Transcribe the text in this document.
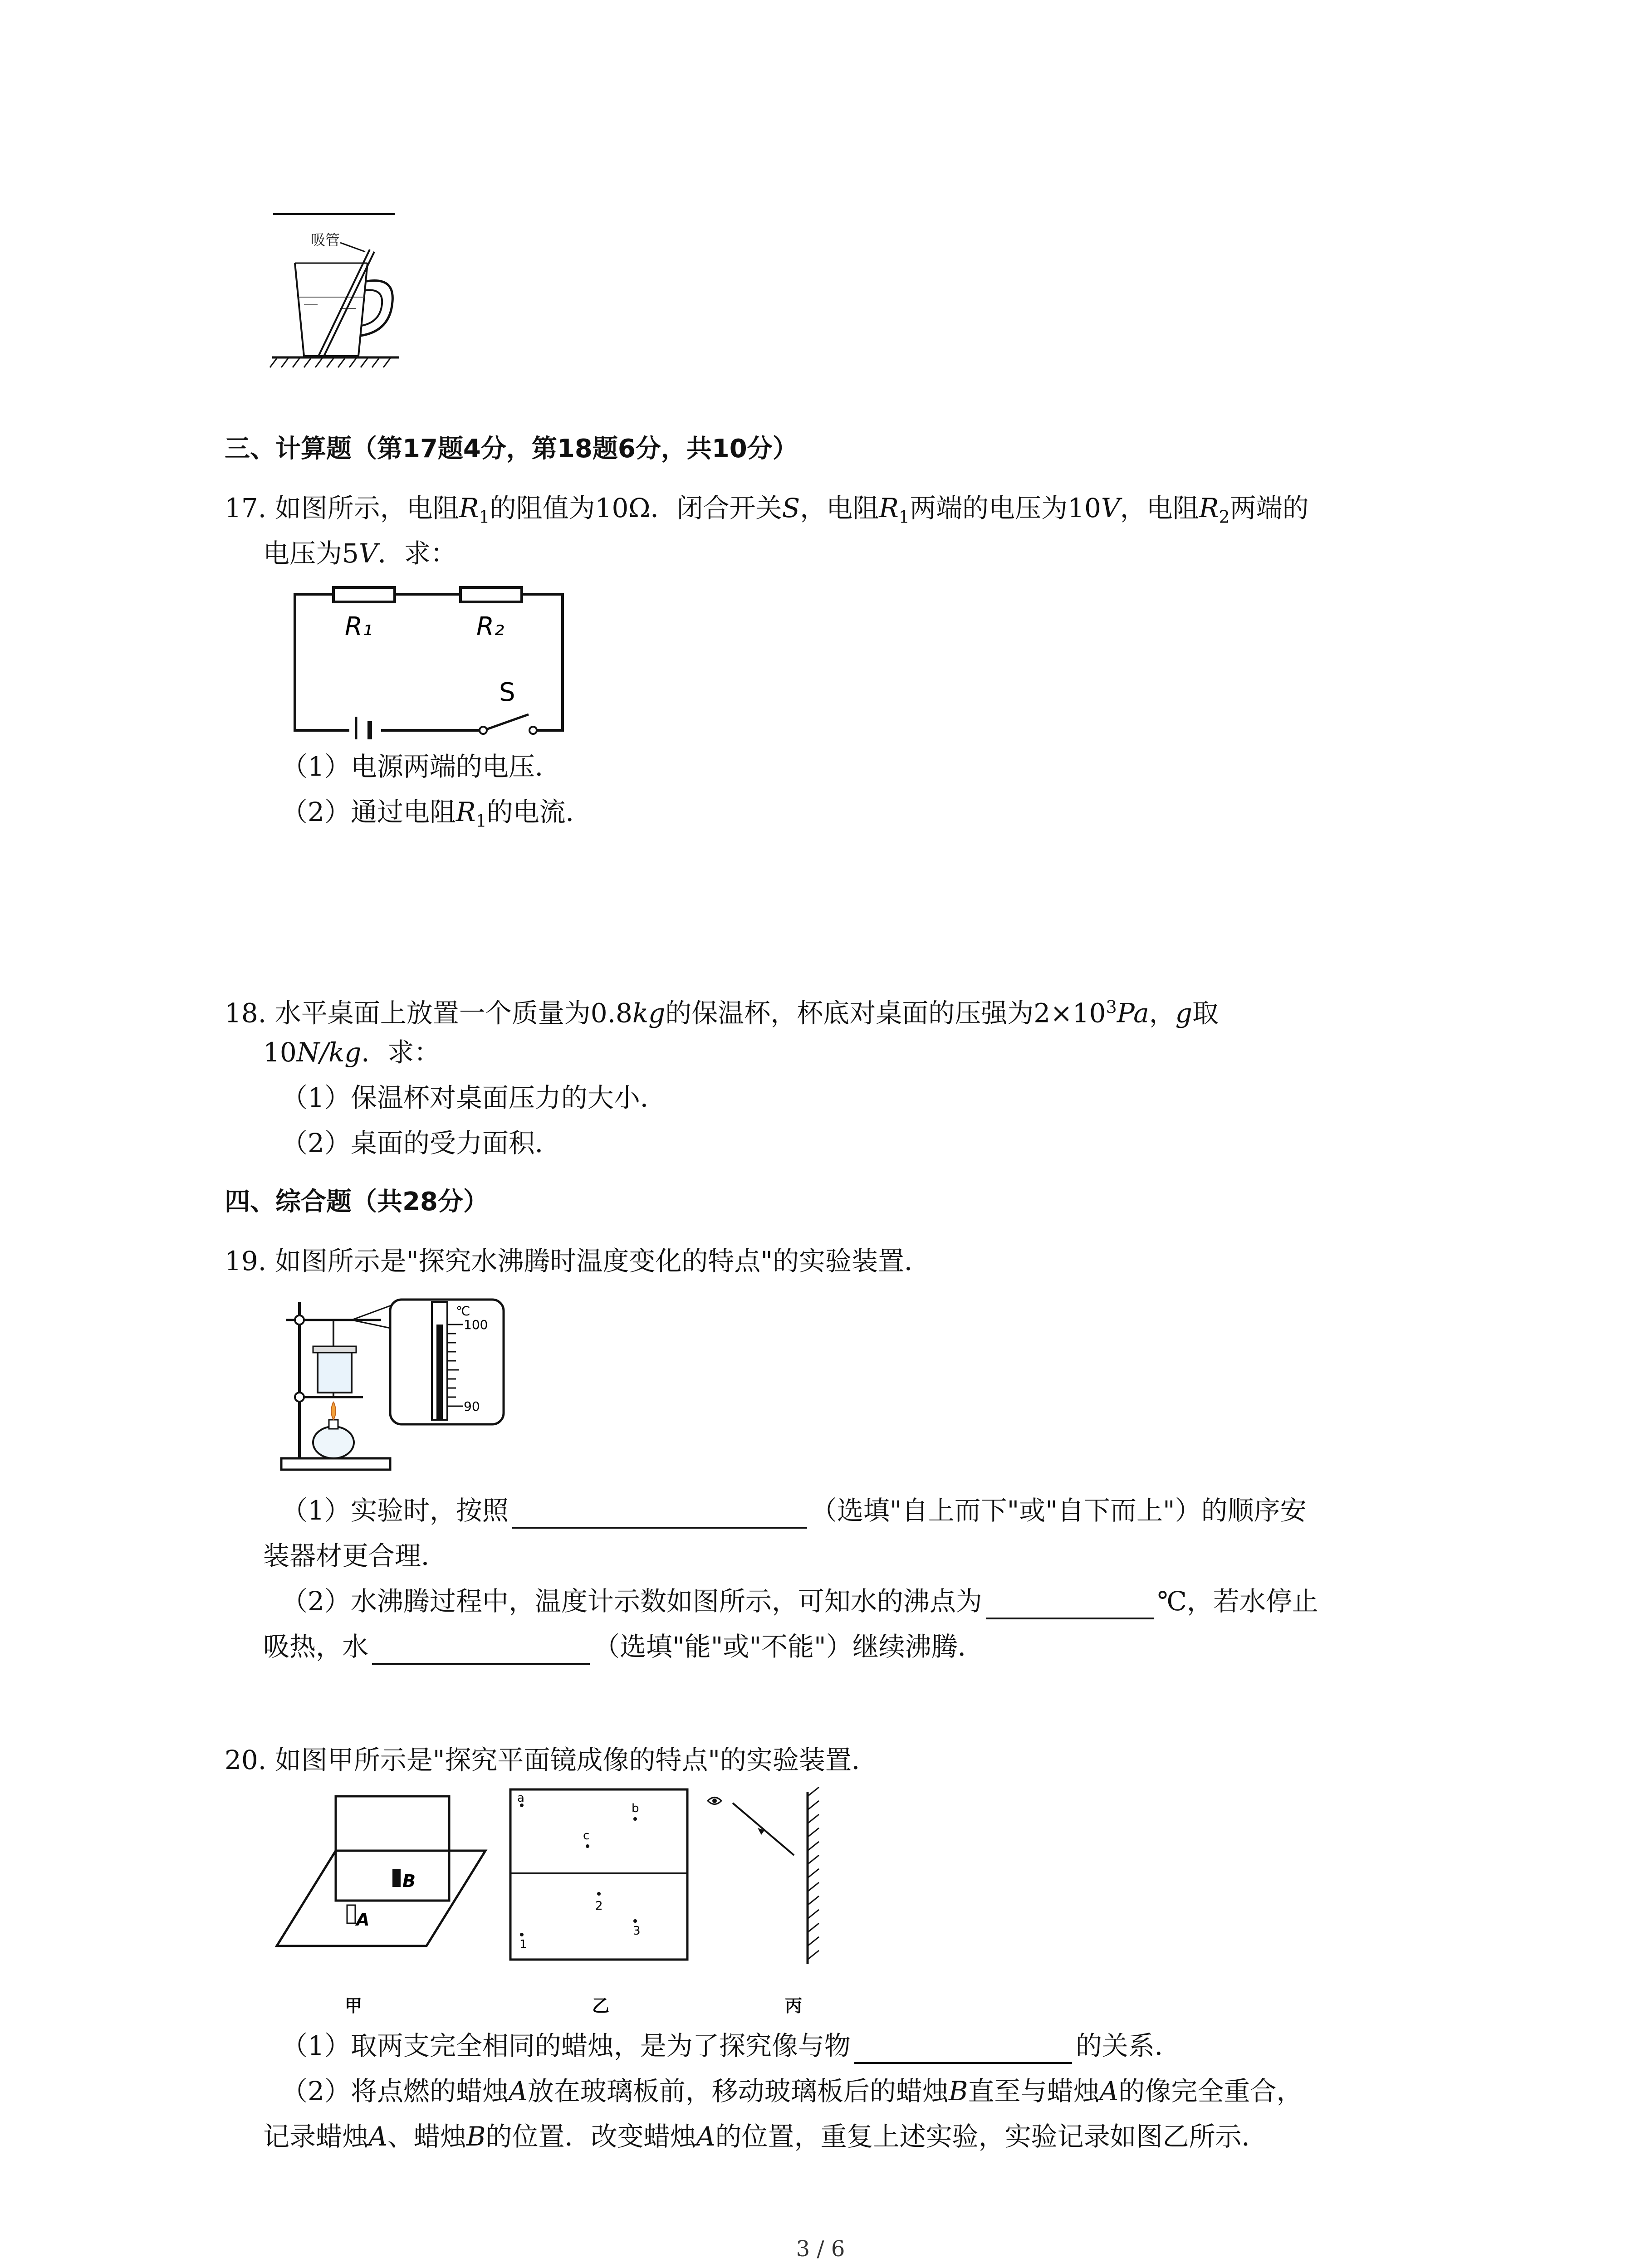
吸管
三、计算题（第17题4分，第18题6分，共10分）
17. 如图所示，电阻$R_1$的阻值为10Ω．闭合开关S，电阻$R_1$两端的电压为10V，电阻$R_2$两端的
电压为5V．求：
R₁	R₂
S
（1）电源两端的电压．
（2）通过电阻$R_1$的电流．
18. 水平桌面上放置一个质量为0.8kg的保温杯，杯底对桌面的压强为$2\times 10^3Pa$，g取
10N/kg．求：
（1）保温杯对桌面压力的大小．
（2）桌面的受力面积．
四、综合题（共28分）
19. 如图所示是"探究水沸腾时温度变化的特点"的实验装置．
℃
100
90
（1）实验时，按照	（选填"自上而下"或"自下而上"）的顺序安
装器材更合理．
（2）水沸腾过程中，温度计示数如图所示，可知水的沸点为	℃，若水停止
吸热，水	（选填"能"或"不能"）继续沸腾．
20. 如图甲所示是"探究平面镜成像的特点"的实验装置．
B
A
甲
a
b
c
2
1
3
乙	丙
（1）取两支完全相同的蜡烛，是为了探究像与物	的关系．
（2）将点燃的蜡烛A放在玻璃板前，移动玻璃板后的蜡烛B直至与蜡烛A的像完全重合，
记录蜡烛A、蜡烛B的位置．改变蜡烛A的位置，重复上述实验，实验记录如图乙所示．
3 / 6
